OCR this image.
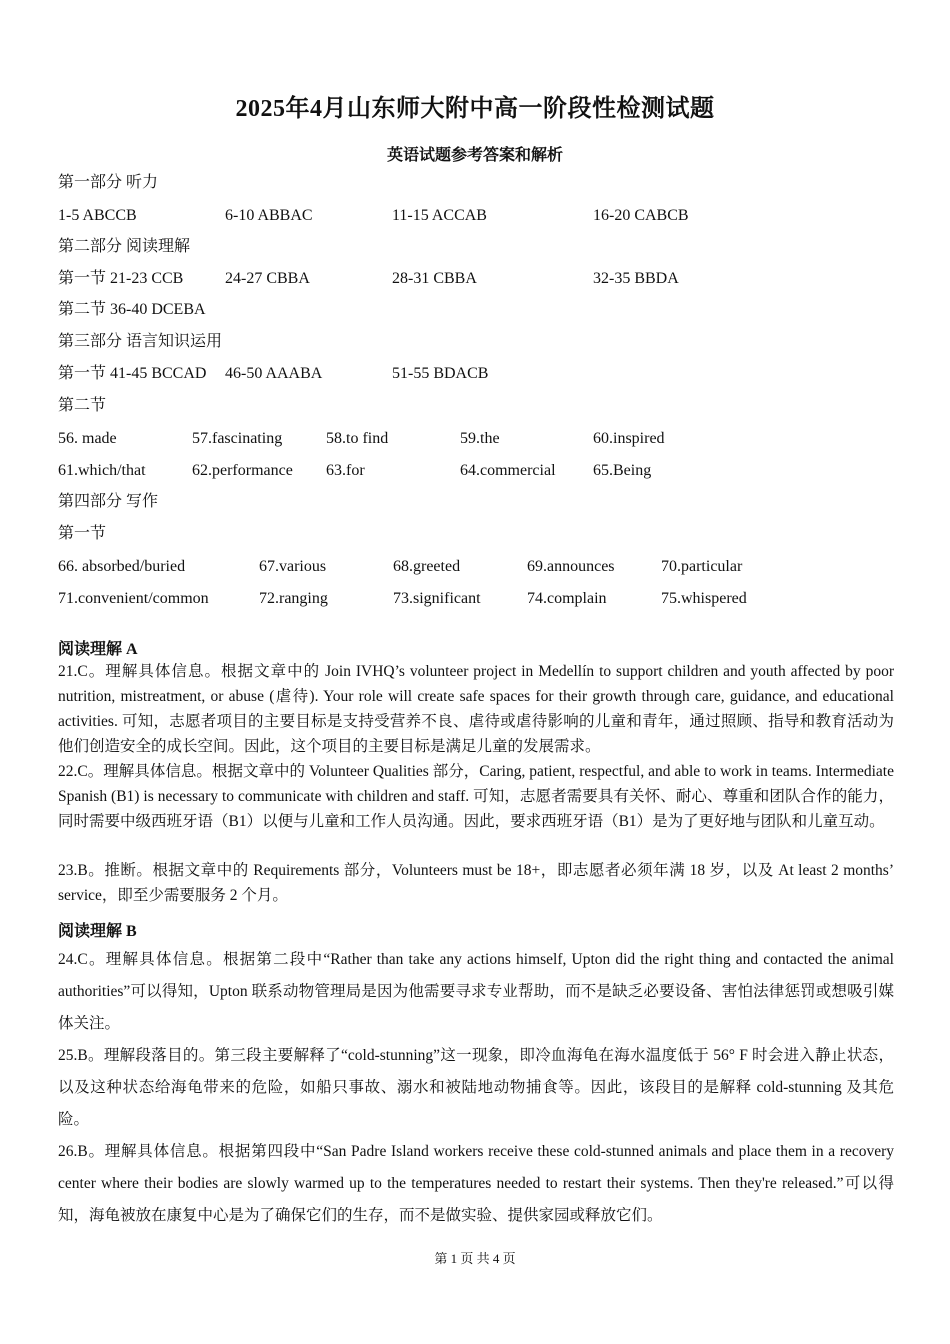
2025年4月山东师大附中高一阶段性检测试题
英语试题参考答案和解析
第一部分 听力
1-5 ABCCB	6-10 ABBAC	11-15 ACCAB	16-20 CABCB
第二部分 阅读理解
第一节 21-23 CCB	24-27 CBBA	28-31 CBBA	32-35 BBDA
第二节 36-40 DCEBA
第三部分 语言知识运用
第一节 41-45 BCCAD 46-50 AAABA	51-55 BDACB
第二节
56. made	57.fascinating	58.to find	59.the	60.inspired
61.which/that	62.performance 63.for	64.commercial 65.Being
第四部分 写作
第一节
66. absorbed/buried	67.various	68.greeted	69.announces	70.particular
71.convenient/common	72.ranging	73.significant	74.complain	75.whispered
阅读理解 A
21.C。理解具体信息。根据文章中的 Join IVHQ’s volunteer project in Medellín to support children and youth affected by poor nutrition, mistreatment, or abuse (虐待). Your role will create safe spaces for their growth through care, guidance, and educational activities. 可知，志愿者项目的主要目标是支持受营养不良、虐待或虐待影响的儿童和青年，通过照顾、指导和教育活动为他们创造安全的成长空间。因此，这个项目的主要目标是满足儿童的发展需求。
22.C。理解具体信息。根据文章中的 Volunteer Qualities 部分，Caring, patient, respectful, and able to work in teams. Intermediate Spanish (B1) is necessary to communicate with children and staff. 可知，志愿者需要具有关怀、耐心、尊重和团队合作的能力，同时需要中级西班牙语（B1）以便与儿童和工作人员沟通。因此，要求西班牙语（B1）是为了更好地与团队和儿童互动。
23.B。推断。根据文章中的 Requirements 部分，Volunteers must be 18+，即志愿者必须年满 18 岁，以及 At least 2 months’ service，即至少需要服务 2 个月。
阅读理解 B
24.C。理解具体信息。根据第二段中“Rather than take any actions himself, Upton did the right thing and contacted the animal authorities”可以得知，Upton 联系动物管理局是因为他需要寻求专业帮助，而不是缺乏必要设备、害怕法律惩罚或想吸引媒体关注。
25.B。理解段落目的。第三段主要解释了“cold-stunning”这一现象，即冷血海龟在海水温度低于 56° F 时会进入静止状态，以及这种状态给海龟带来的危险，如船只事故、溺水和被陆地动物捕食等。因此，该段目的是解释 cold-stunning 及其危险。
26.B。理解具体信息。根据第四段中“San Padre Island workers receive these cold-stunned animals and place them in a recovery center where their bodies are slowly warmed up to the temperatures needed to restart their systems. Then they're released.”可以得知，海龟被放在康复中心是为了确保它们的生存，而不是做实验、提供家园或释放它们。
第 1 页 共 4 页
